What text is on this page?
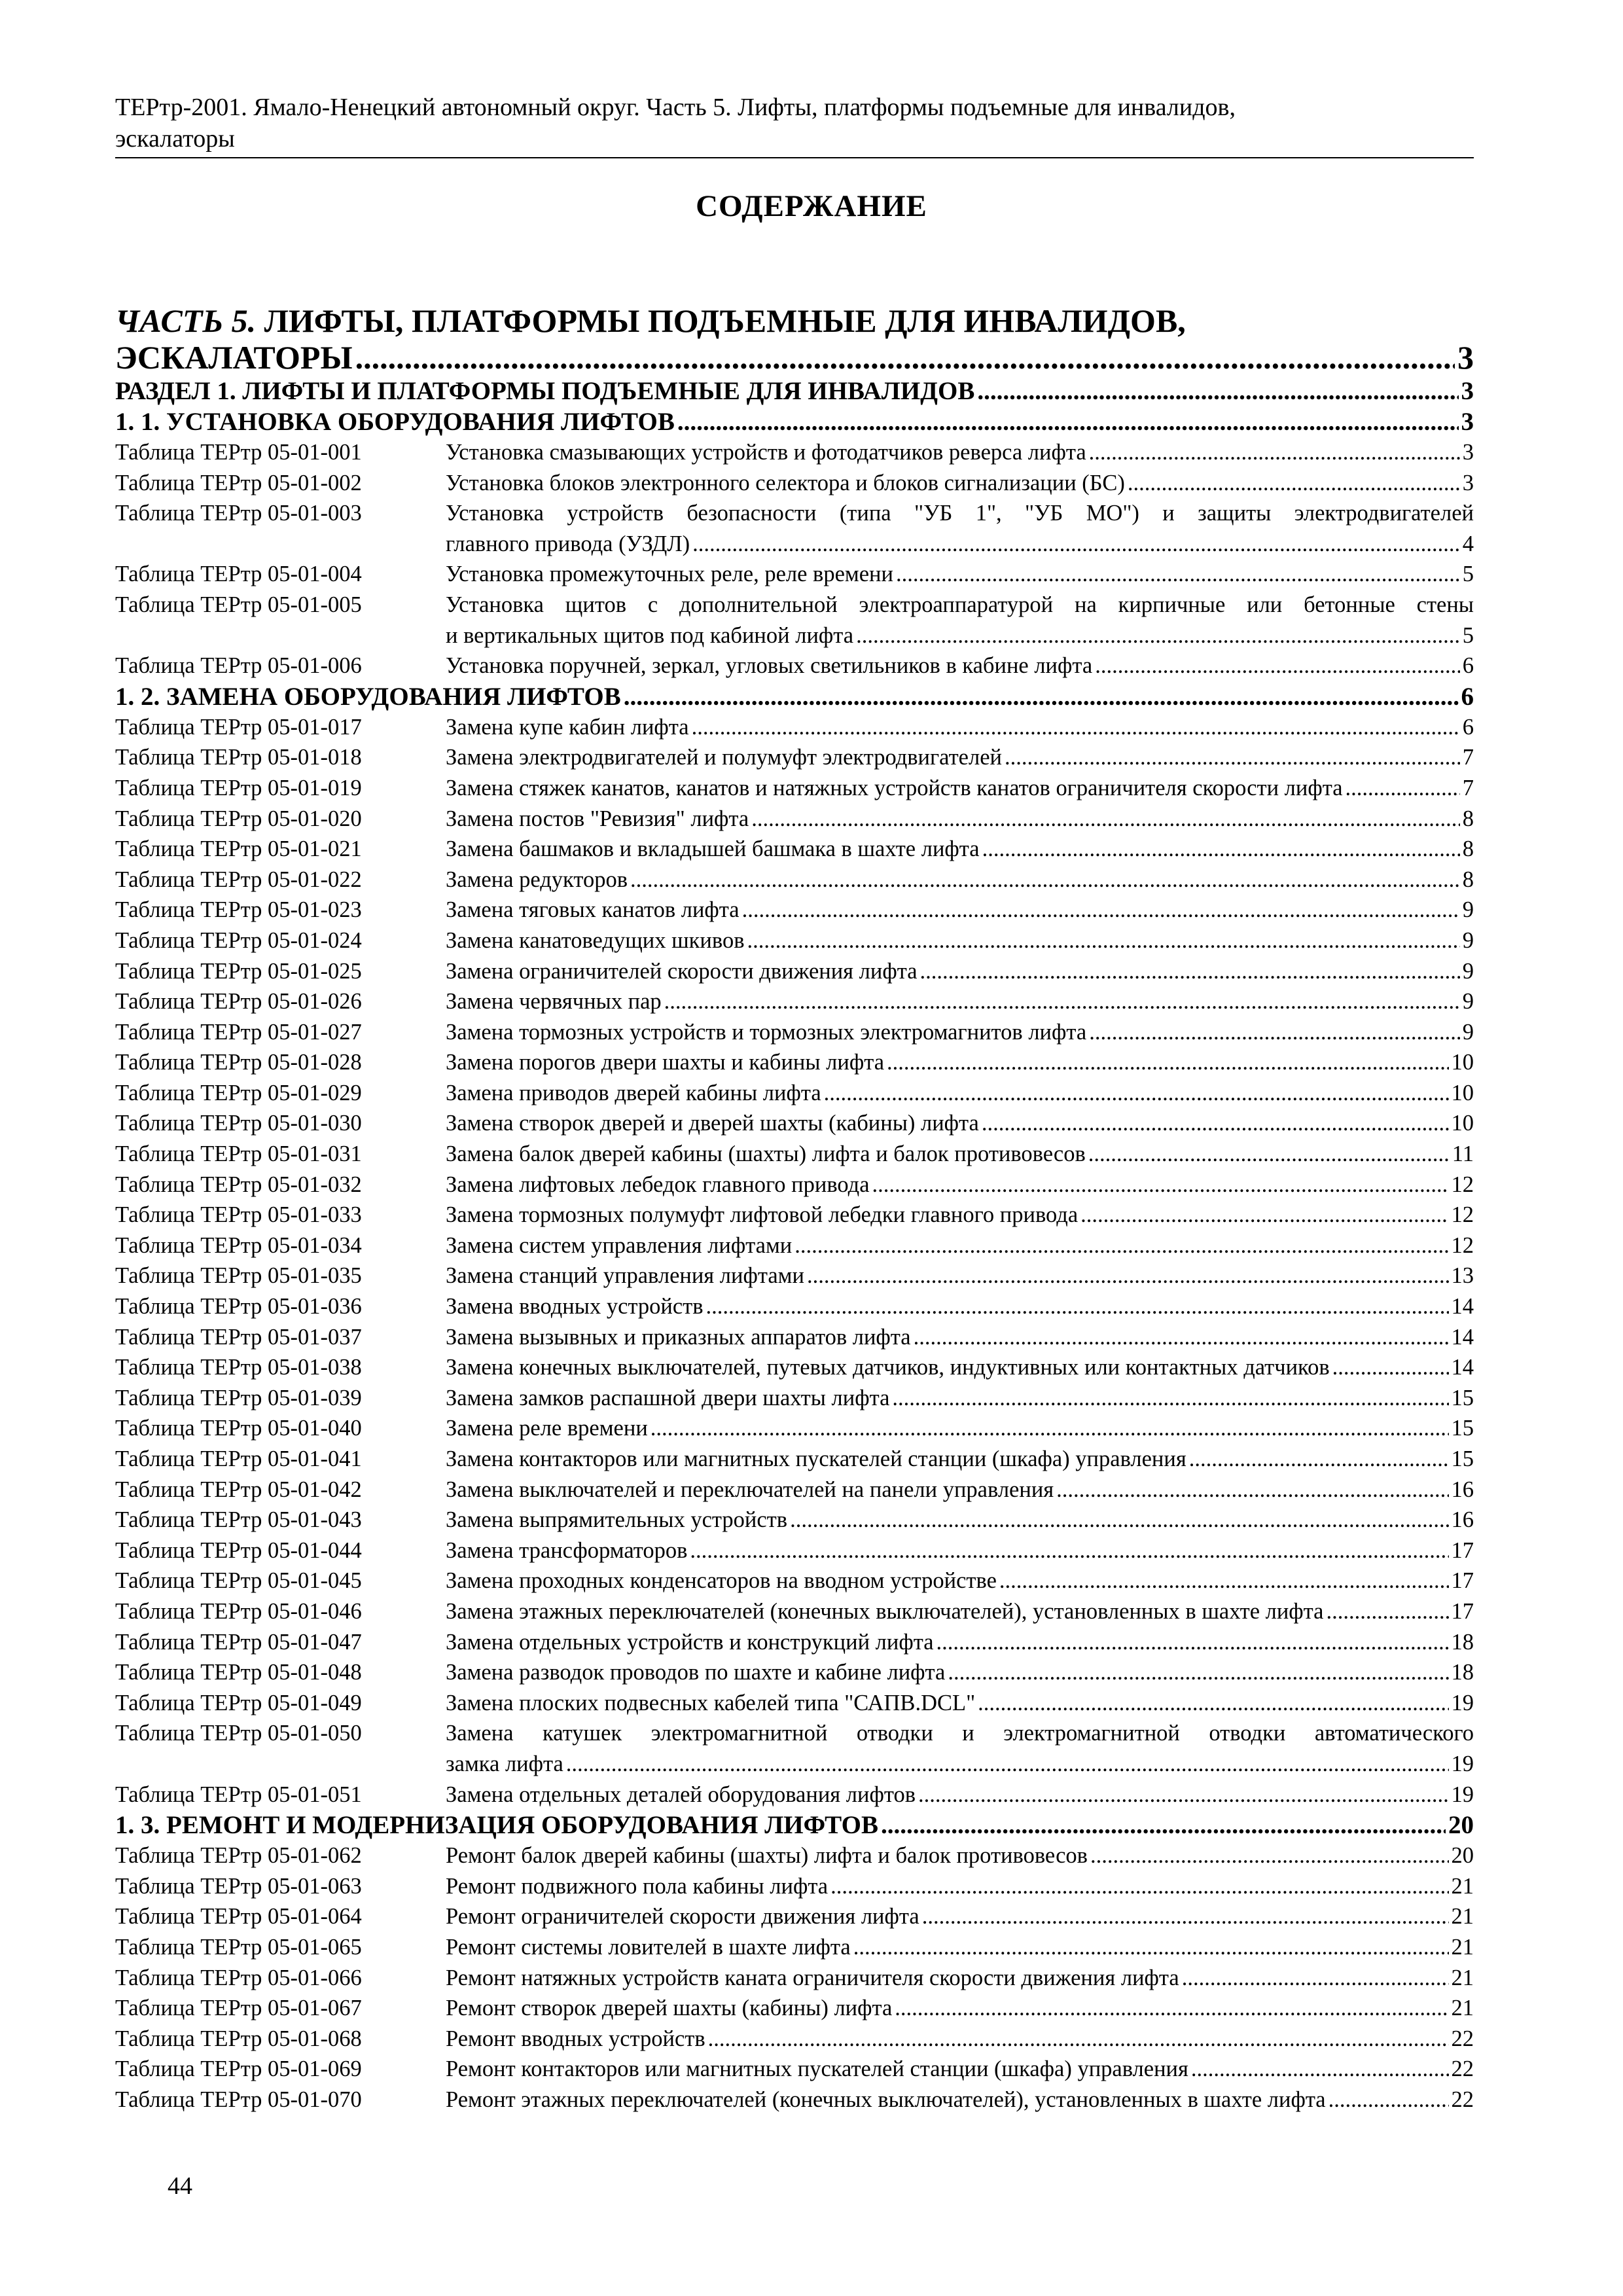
ТЕРтр-2001. Ямало-Ненецкий автономный округ. Часть 5. Лифты, платформы подъемные для инвалидов,
эскалаторы
СОДЕРЖАНИЕ
ЧАСТЬ 5.
ЛИФТЫ, ПЛАТФОРМЫ ПОДЪЕМНЫЕ ДЛЯ ИНВАЛИДОВ,
ЭСКАЛАТОРЫ .....	3
РАЗДЕЛ 1. ЛИФТЫ И ПЛАТФОРМЫ ПОДЪЕМНЫЕ ДЛЯ ИНВАЛИДОВ .....	3
1. 1. УСТАНОВКА ОБОРУДОВАНИЯ ЛИФТОВ .....	3
Таблица ТЕРтр 05-01-001	Установка смазывающих устройств и фотодатчиков реверса лифта .....	3
Таблица ТЕРтр 05-01-002	Установка блоков электронного селектора и блоков сигнализации (БС) .....	3
Таблица ТЕРтр 05-01-003	Установка устройств безопасности (типа "УБ 1", "УБ МО") и защиты электродвигателей
главного привода (УЗДЛ) .....	4
Таблица ТЕРтр 05-01-004	Установка промежуточных реле, реле времени .....	5
Таблица ТЕРтр 05-01-005	Установка щитов с дополнительной электроаппаратурой на кирпичные или бетонные стены
и вертикальных щитов под кабиной лифта .....	5
Таблица ТЕРтр 05-01-006	Установка поручней, зеркал, угловых светильников в кабине лифта .....	6
1. 2. ЗАМЕНА ОБОРУДОВАНИЯ ЛИФТОВ .....	6
Таблица ТЕРтр 05-01-017	Замена купе кабин лифта .....	6
Таблица ТЕРтр 05-01-018	Замена электродвигателей и полумуфт электродвигателей .....	7
Таблица ТЕРтр 05-01-019	Замена стяжек канатов, канатов и натяжных устройств канатов ограничителя скорости лифта .....	7
Таблица ТЕРтр 05-01-020	Замена постов "Ревизия" лифта .....	8
Таблица ТЕРтр 05-01-021	Замена башмаков и вкладышей башмака в шахте лифта .....	8
Таблица ТЕРтр 05-01-022	Замена редукторов .....	8
Таблица ТЕРтр 05-01-023	Замена тяговых канатов лифта .....	9
Таблица ТЕРтр 05-01-024	Замена канатоведущих шкивов .....	9
Таблица ТЕРтр 05-01-025	Замена ограничителей скорости движения лифта .....	9
Таблица ТЕРтр 05-01-026	Замена червячных пар .....	9
Таблица ТЕРтр 05-01-027	Замена тормозных устройств и тормозных электромагнитов лифта .....	9
Таблица ТЕРтр 05-01-028	Замена порогов двери шахты и кабины лифта .....	10
Таблица ТЕРтр 05-01-029	Замена приводов дверей кабины лифта .....	10
Таблица ТЕРтр 05-01-030	Замена створок дверей и дверей шахты (кабины) лифта .....	10
Таблица ТЕРтр 05-01-031	Замена балок дверей кабины (шахты) лифта и балок противовесов .....	11
Таблица ТЕРтр 05-01-032	Замена лифтовых лебедок главного привода .....	12
Таблица ТЕРтр 05-01-033	Замена тормозных полумуфт лифтовой лебедки главного привода .....	12
Таблица ТЕРтр 05-01-034	Замена систем управления лифтами .....	12
Таблица ТЕРтр 05-01-035	Замена станций управления лифтами .....	13
Таблица ТЕРтр 05-01-036	Замена вводных устройств .....	14
Таблица ТЕРтр 05-01-037	Замена вызывных и приказных аппаратов лифта .....	14
Таблица ТЕРтр 05-01-038	Замена конечных выключателей, путевых датчиков, индуктивных или контактных датчиков .....	14
Таблица ТЕРтр 05-01-039	Замена замков распашной двери шахты лифта .....	15
Таблица ТЕРтр 05-01-040	Замена реле времени .....	15
Таблица ТЕРтр 05-01-041	Замена контакторов или магнитных пускателей станции (шкафа) управления .....	15
Таблица ТЕРтр 05-01-042	Замена выключателей и переключателей на панели управления .....	16
Таблица ТЕРтр 05-01-043	Замена выпрямительных устройств .....	16
Таблица ТЕРтр 05-01-044	Замена трансформаторов .....	17
Таблица ТЕРтр 05-01-045	Замена проходных конденсаторов на вводном устройстве .....	17
Таблица ТЕРтр 05-01-046	Замена этажных переключателей (конечных выключателей), установленных в шахте лифта .....	17
Таблица ТЕРтр 05-01-047	Замена отдельных устройств и конструкций лифта .....	18
Таблица ТЕРтр 05-01-048	Замена разводок проводов по шахте и кабине лифта .....	18
Таблица ТЕРтр 05-01-049	Замена плоских подвесных кабелей типа "САПВ.DCL" .....	19
Таблица ТЕРтр 05-01-050	Замена катушек электромагнитной отводки и электромагнитной отводки автоматического
замка лифта .....	19
Таблица ТЕРтр 05-01-051	Замена отдельных деталей оборудования лифтов .....	19
1. 3. РЕМОНТ И МОДЕРНИЗАЦИЯ ОБОРУДОВАНИЯ ЛИФТОВ .....	20
Таблица ТЕРтр 05-01-062	Ремонт балок дверей кабины (шахты) лифта и балок противовесов .....	20
Таблица ТЕРтр 05-01-063	Ремонт подвижного пола кабины лифта .....	21
Таблица ТЕРтр 05-01-064	Ремонт ограничителей скорости движения лифта .....	21
Таблица ТЕРтр 05-01-065	Ремонт системы ловителей в шахте лифта .....	21
Таблица ТЕРтр 05-01-066	Ремонт натяжных устройств каната ограничителя скорости движения лифта .....	21
Таблица ТЕРтр 05-01-067	Ремонт створок дверей шахты (кабины) лифта .....	21
Таблица ТЕРтр 05-01-068	Ремонт вводных устройств .....	22
Таблица ТЕРтр 05-01-069	Ремонт контакторов или магнитных пускателей станции (шкафа) управления .....	22
Таблица ТЕРтр 05-01-070	Ремонт этажных переключателей (конечных выключателей), установленных в шахте лифта .....	22
44
